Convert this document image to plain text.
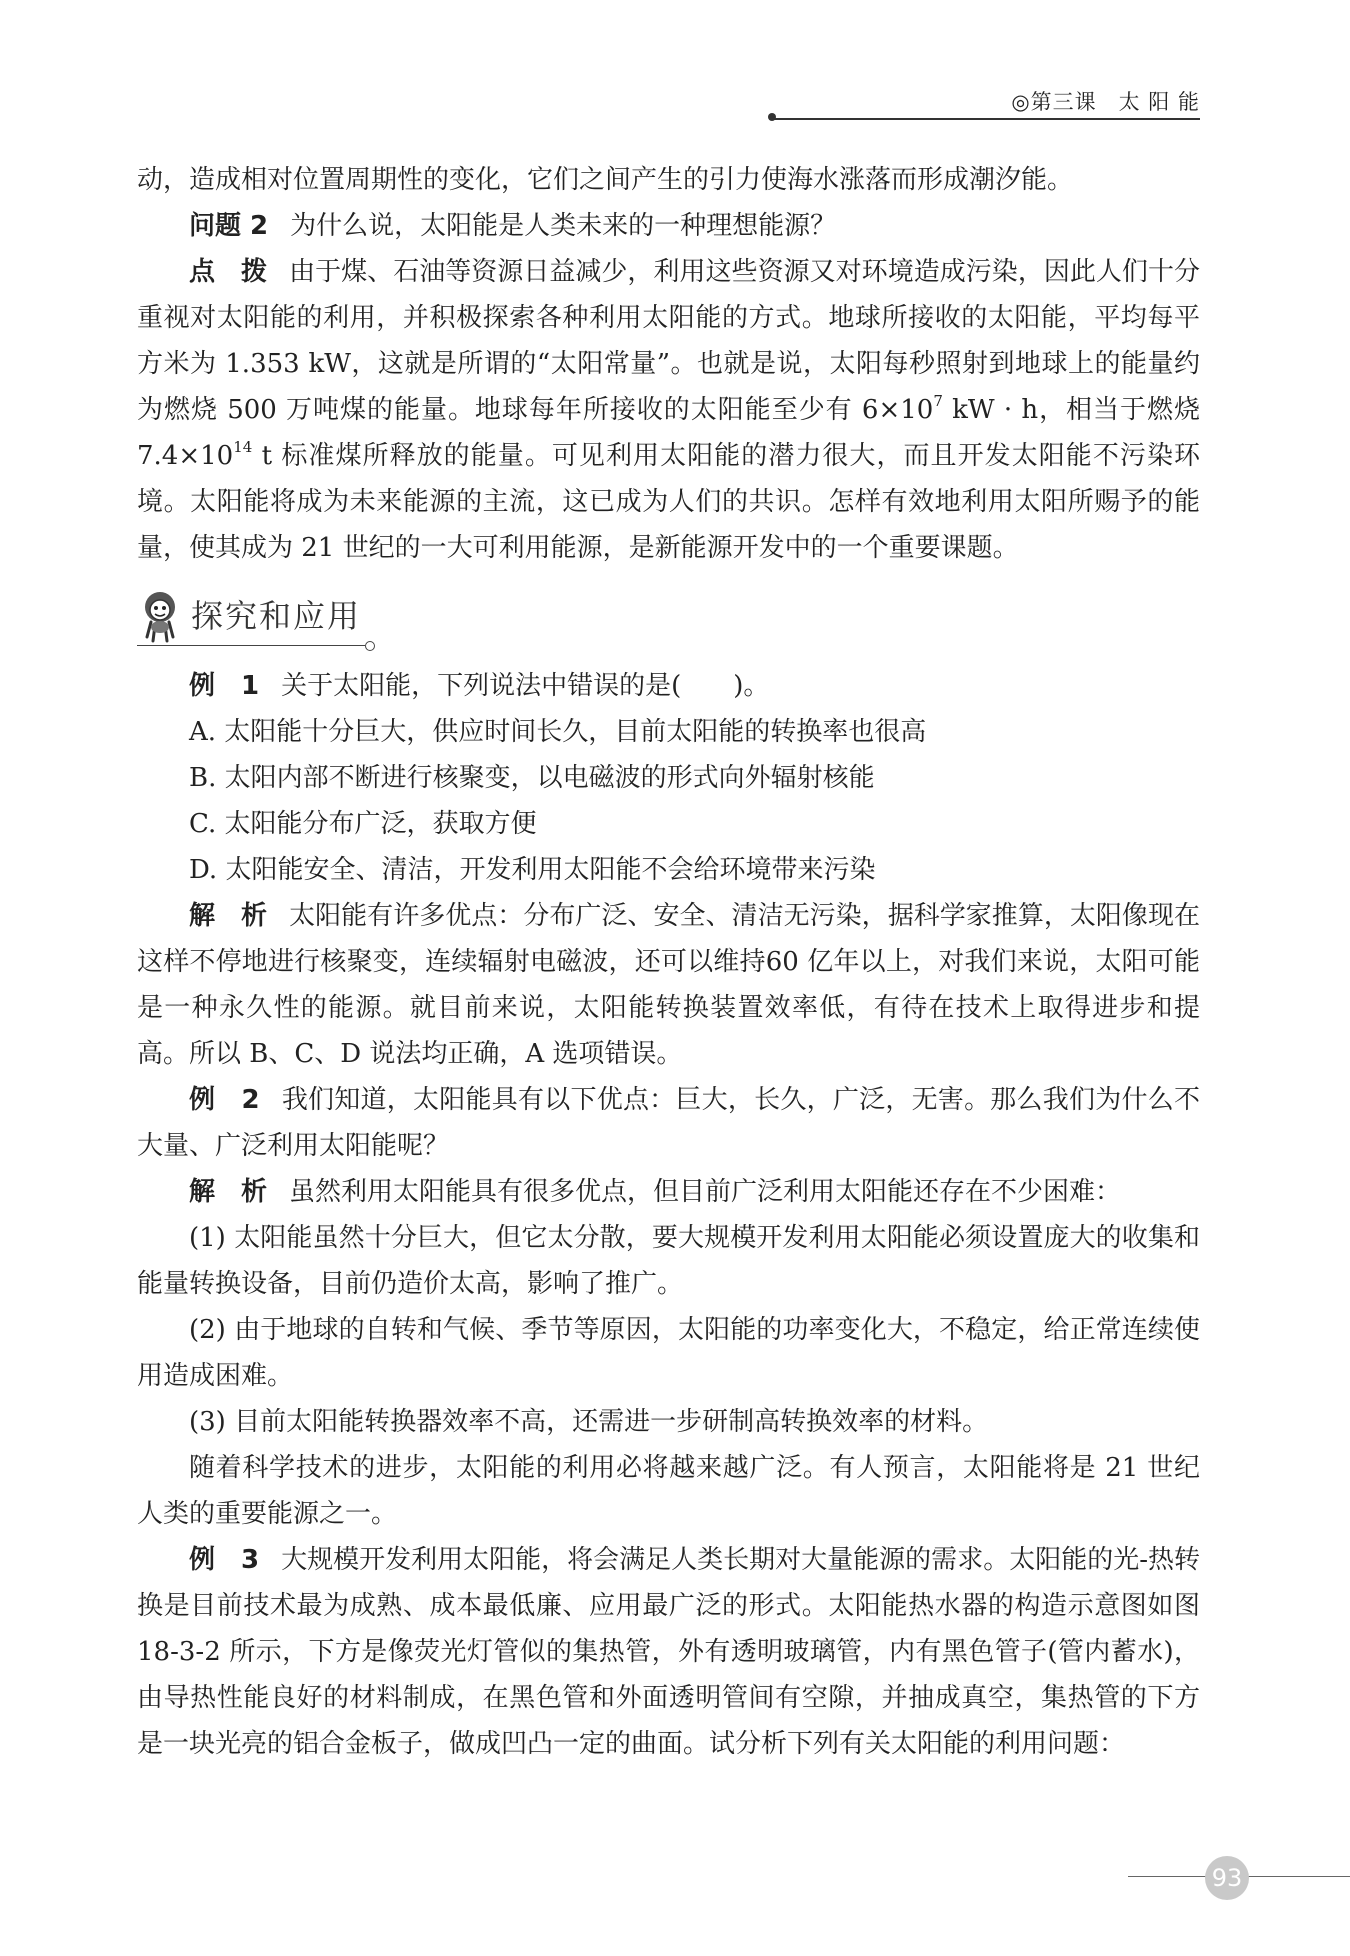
◎第三课　太 阳 能

动，造成相对位置周期性的变化，它们之间产生的引力使海水涨落而形成潮汐能。

问题 2 为什么说，太阳能是人类未来的一种理想能源？

点　拨 由于煤、石油等资源日益减少，利用这些资源又对环境造成污染，因此人们十分重视对太阳能的利用，并积极探索各种利用太阳能的方式。地球所接收的太阳能，平均每平方米为 1.353 kW，这就是所谓的“太阳常量”。也就是说，太阳每秒照射到地球上的能量约为燃烧 500 万吨煤的能量。地球每年所接收的太阳能至少有 $6\times 10^7$ kW · h，相当于燃烧 $7.4\times 10^{14}$ t 标准煤所释放的能量。可见利用太阳能的潜力很大，而且开发太阳能不污染环境。太阳能将成为未来能源的主流，这已成为人们的共识。怎样有效地利用太阳所赐予的能量，使其成为 21 世纪的一大可利用能源，是新能源开发中的一个重要课题。

探究和应用

例　1 关于太阳能，下列说法中错误的是(　　)。

A. 太阳能十分巨大，供应时间长久，目前太阳能的转换率也很高

B. 太阳内部不断进行核聚变，以电磁波的形式向外辐射核能

C. 太阳能分布广泛，获取方便

D. 太阳能安全、清洁，开发利用太阳能不会给环境带来污染

解　析 太阳能有许多优点：分布广泛、安全、清洁无污染，据科学家推算，太阳像现在这样不停地进行核聚变，连续辐射电磁波，还可以维持60 亿年以上，对我们来说，太阳可能是一种永久性的能源。就目前来说，太阳能转换装置效率低，有待在技术上取得进步和提高。所以 B、C、D 说法均正确，A 选项错误。

例　2 我们知道，太阳能具有以下优点：巨大，长久，广泛，无害。那么我们为什么不大量、广泛利用太阳能呢？

解　析 虽然利用太阳能具有很多优点，但目前广泛利用太阳能还存在不少困难：

(1) 太阳能虽然十分巨大，但它太分散，要大规模开发利用太阳能必须设置庞大的收集和能量转换设备，目前仍造价太高，影响了推广。

(2) 由于地球的自转和气候、季节等原因，太阳能的功率变化大，不稳定，给正常连续使用造成困难。

(3) 目前太阳能转换器效率不高，还需进一步研制高转换效率的材料。

随着科学技术的进步，太阳能的利用必将越来越广泛。有人预言，太阳能将是 21 世纪人类的重要能源之一。

例　3 大规模开发利用太阳能，将会满足人类长期对大量能源的需求。太阳能的光-热转换是目前技术最为成熟、成本最低廉、应用最广泛的形式。太阳能热水器的构造示意图如图 18-3-2 所示，下方是像荧光灯管似的集热管，外有透明玻璃管，内有黑色管子(管内蓄水)，由导热性能良好的材料制成，在黑色管和外面透明管间有空隙，并抽成真空，集热管的下方是一块光亮的铝合金板子，做成凹凸一定的曲面。试分析下列有关太阳能的利用问题：

93
